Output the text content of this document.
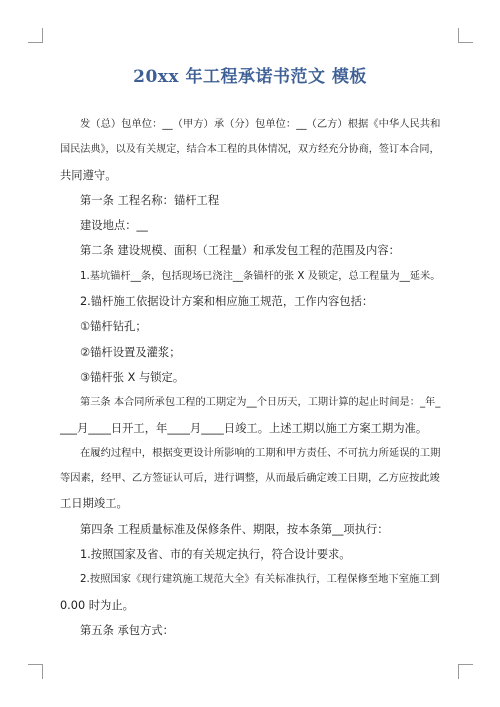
20xx 年工程承诺书范文 模板

发（总）包单位：__（甲方）承（分）包单位：__（乙方）根据《中华人民共和
国民法典》，以及有关规定，结合本工程的具体情况，双方经充分协商，签订本合同，
共同遵守。

第一条 工程名称：锚杆工程

建设地点：__

第二条 建设规模、面积（工程量）和承发包工程的范围及内容：

1.基坑锚杆__条，包括现场已浇注__条锚杆的张 X 及锁定，总工程量为__延米。

2.锚杆施工依据设计方案和相应施工规范，工作内容包括：

①锚杆钻孔；

②锚杆设置及灌浆；

③锚杆张 X 与锁定。

第三条 本合同所承包工程的工期定为__个日历天，工期计算的起止时间是：_年_
___月____日开工，年____月____日竣工。上述工期以施工方案工期为准。

在履约过程中，根据变更设计所影响的工期和甲方责任、不可抗力所延误的工期
等因素，经甲、乙方签证认可后，进行调整，从而最后确定竣工日期，乙方应按此竣
工日期竣工。

第四条 工程质量标准及保修条件、期限，按本条第__项执行：

1.按照国家及省、市的有关规定执行，符合设计要求。

2.按照国家《现行建筑施工规范大全》有关标准执行，工程保修至地下室施工到
0.00 时为止。

第五条 承包方式：
